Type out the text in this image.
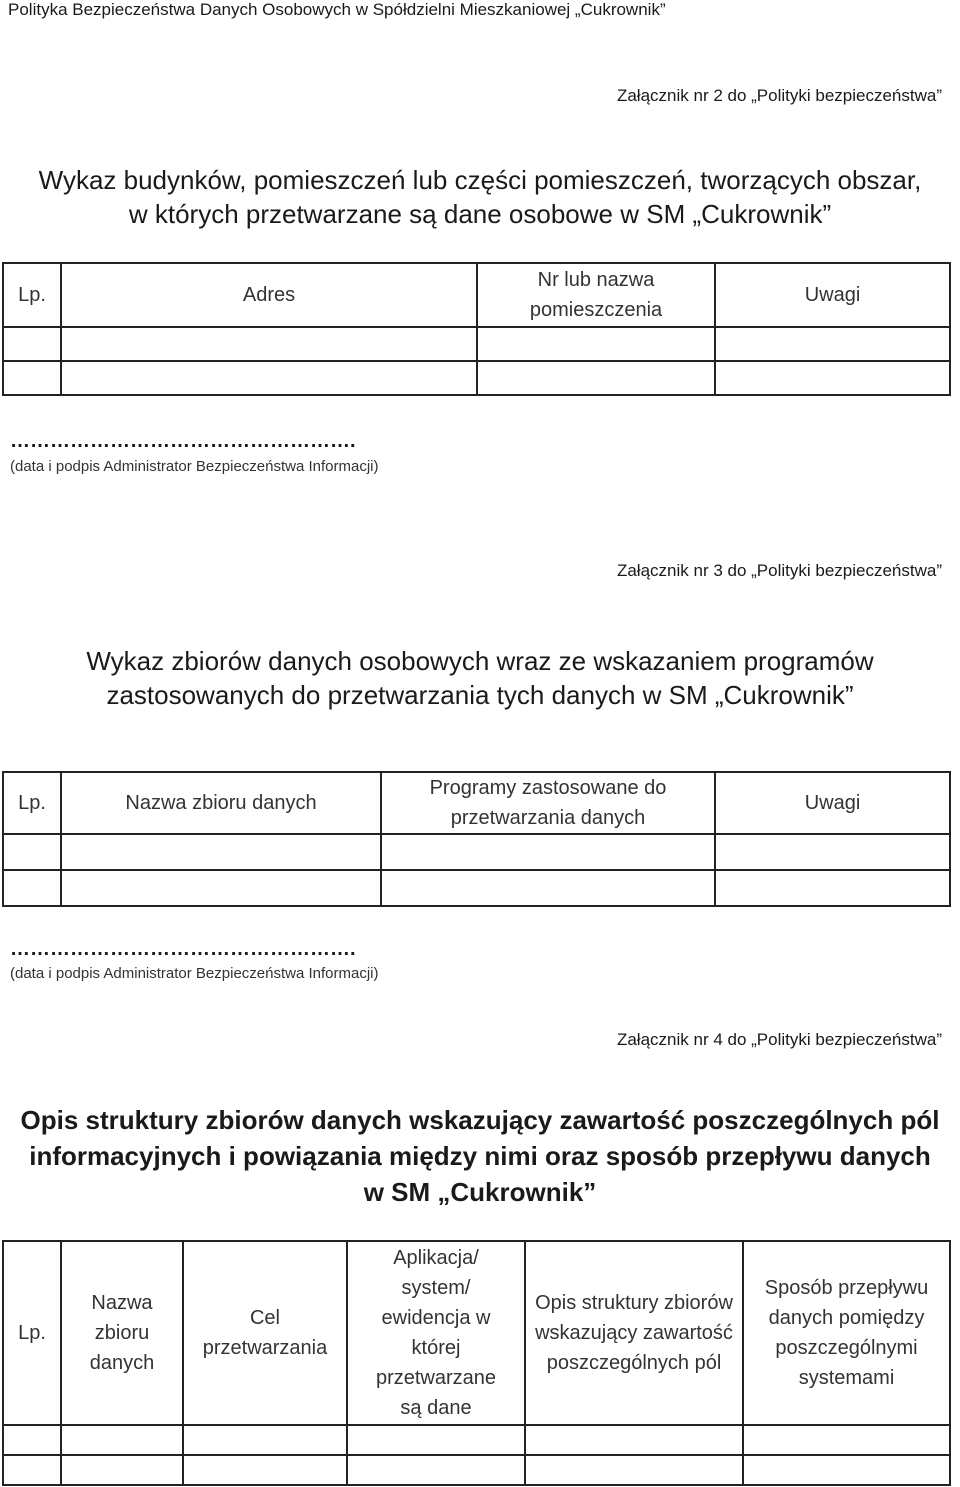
Polityka Bezpieczeństwa Danych Osobowych w Spółdzielni Mieszkaniowej „Cukrownik”
Załącznik nr 2 do „Polityki bezpieczeństwa”
Wykaz budynków, pomieszczeń lub części pomieszczeń, tworzących obszar,
w których przetwarzane są dane osobowe w SM „Cukrownik”
Lp.	Adres	Nr lub nazwa pomieszczenia	Uwagi

…………………………………………….
(data i podpis Administrator Bezpieczeństwa Informacji)
Załącznik nr 3 do „Polityki bezpieczeństwa”
Wykaz zbiorów danych osobowych wraz ze wskazaniem programów
zastosowanych do przetwarzania tych danych w SM „Cukrownik”
Lp.	Nazwa zbioru danych	Programy zastosowane do przetwarzania danych	Uwagi

…………………………………………….
(data i podpis Administrator Bezpieczeństwa Informacji)
Załącznik nr 4 do „Polityki bezpieczeństwa”
Opis struktury zbiorów danych wskazujący zawartość poszczególnych pól
informacyjnych i powiązania między nimi oraz sposób przepływu danych
w SM „Cukrownik”
Lp.	Nazwa zbioru danych	Cel przetwarzania	Aplikacja/ system/ ewidencja w której przetwarzane są dane	Opis struktury zbiorów wskazujący zawartość poszczególnych pól	Sposób przepływu danych pomiędzy poszczególnymi systemami
